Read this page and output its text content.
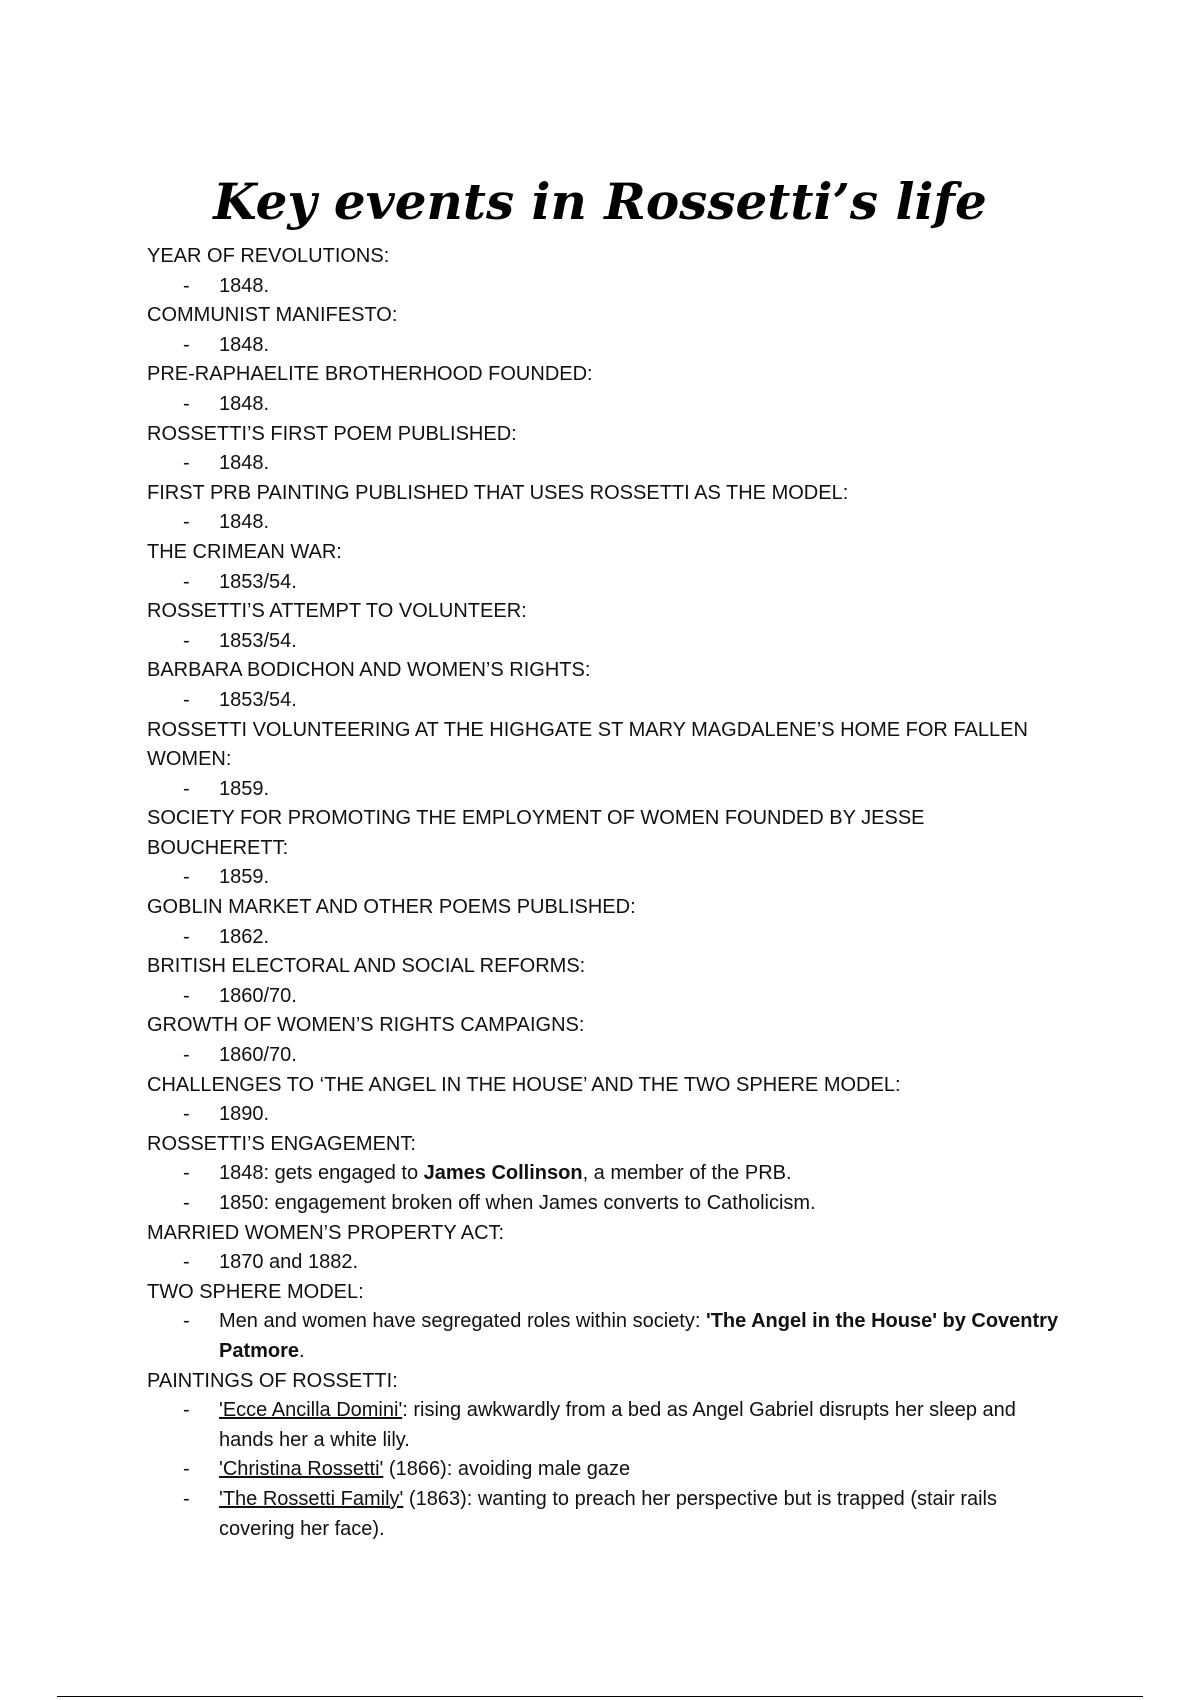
Key events in Rossetti’s life

YEAR OF REVOLUTIONS:

- 1848.

COMMUNIST MANIFESTO:

- 1848.

PRE-RAPHAELITE BROTHERHOOD FOUNDED:

- 1848.

ROSSETTI’S FIRST POEM PUBLISHED:

- 1848.

FIRST PRB PAINTING PUBLISHED THAT USES ROSSETTI AS THE MODEL:

- 1848.

THE CRIMEAN WAR:

- 1853/54.

ROSSETTI’S ATTEMPT TO VOLUNTEER:

- 1853/54.

BARBARA BODICHON AND WOMEN’S RIGHTS:

- 1853/54.

ROSSETTI VOLUNTEERING AT THE HIGHGATE ST MARY MAGDALENE’S HOME FOR FALLEN WOMEN:

- 1859.

SOCIETY FOR PROMOTING THE EMPLOYMENT OF WOMEN FOUNDED BY JESSE BOUCHERETT:

- 1859.

GOBLIN MARKET AND OTHER POEMS PUBLISHED:

- 1862.

BRITISH ELECTORAL AND SOCIAL REFORMS:

- 1860/70.

GROWTH OF WOMEN’S RIGHTS CAMPAIGNS:

- 1860/70.

CHALLENGES TO ‘THE ANGEL IN THE HOUSE’ AND THE TWO SPHERE MODEL:

- 1890.

ROSSETTI’S ENGAGEMENT:

- 1848: gets engaged to James Collinson, a member of the PRB.
- 1850: engagement broken off when James converts to Catholicism.

MARRIED WOMEN’S PROPERTY ACT:

- 1870 and 1882.

TWO SPHERE MODEL:

- Men and women have segregated roles within society: 'The Angel in the House' by Coventry Patmore.

PAINTINGS OF ROSSETTI:

- 'Ecce Ancilla Domini': rising awkwardly from a bed as Angel Gabriel disrupts her sleep and hands her a white lily.
- 'Christina Rossetti' (1866): avoiding male gaze
- 'The Rossetti Family' (1863): wanting to preach her perspective but is trapped (stair rails covering her face).
